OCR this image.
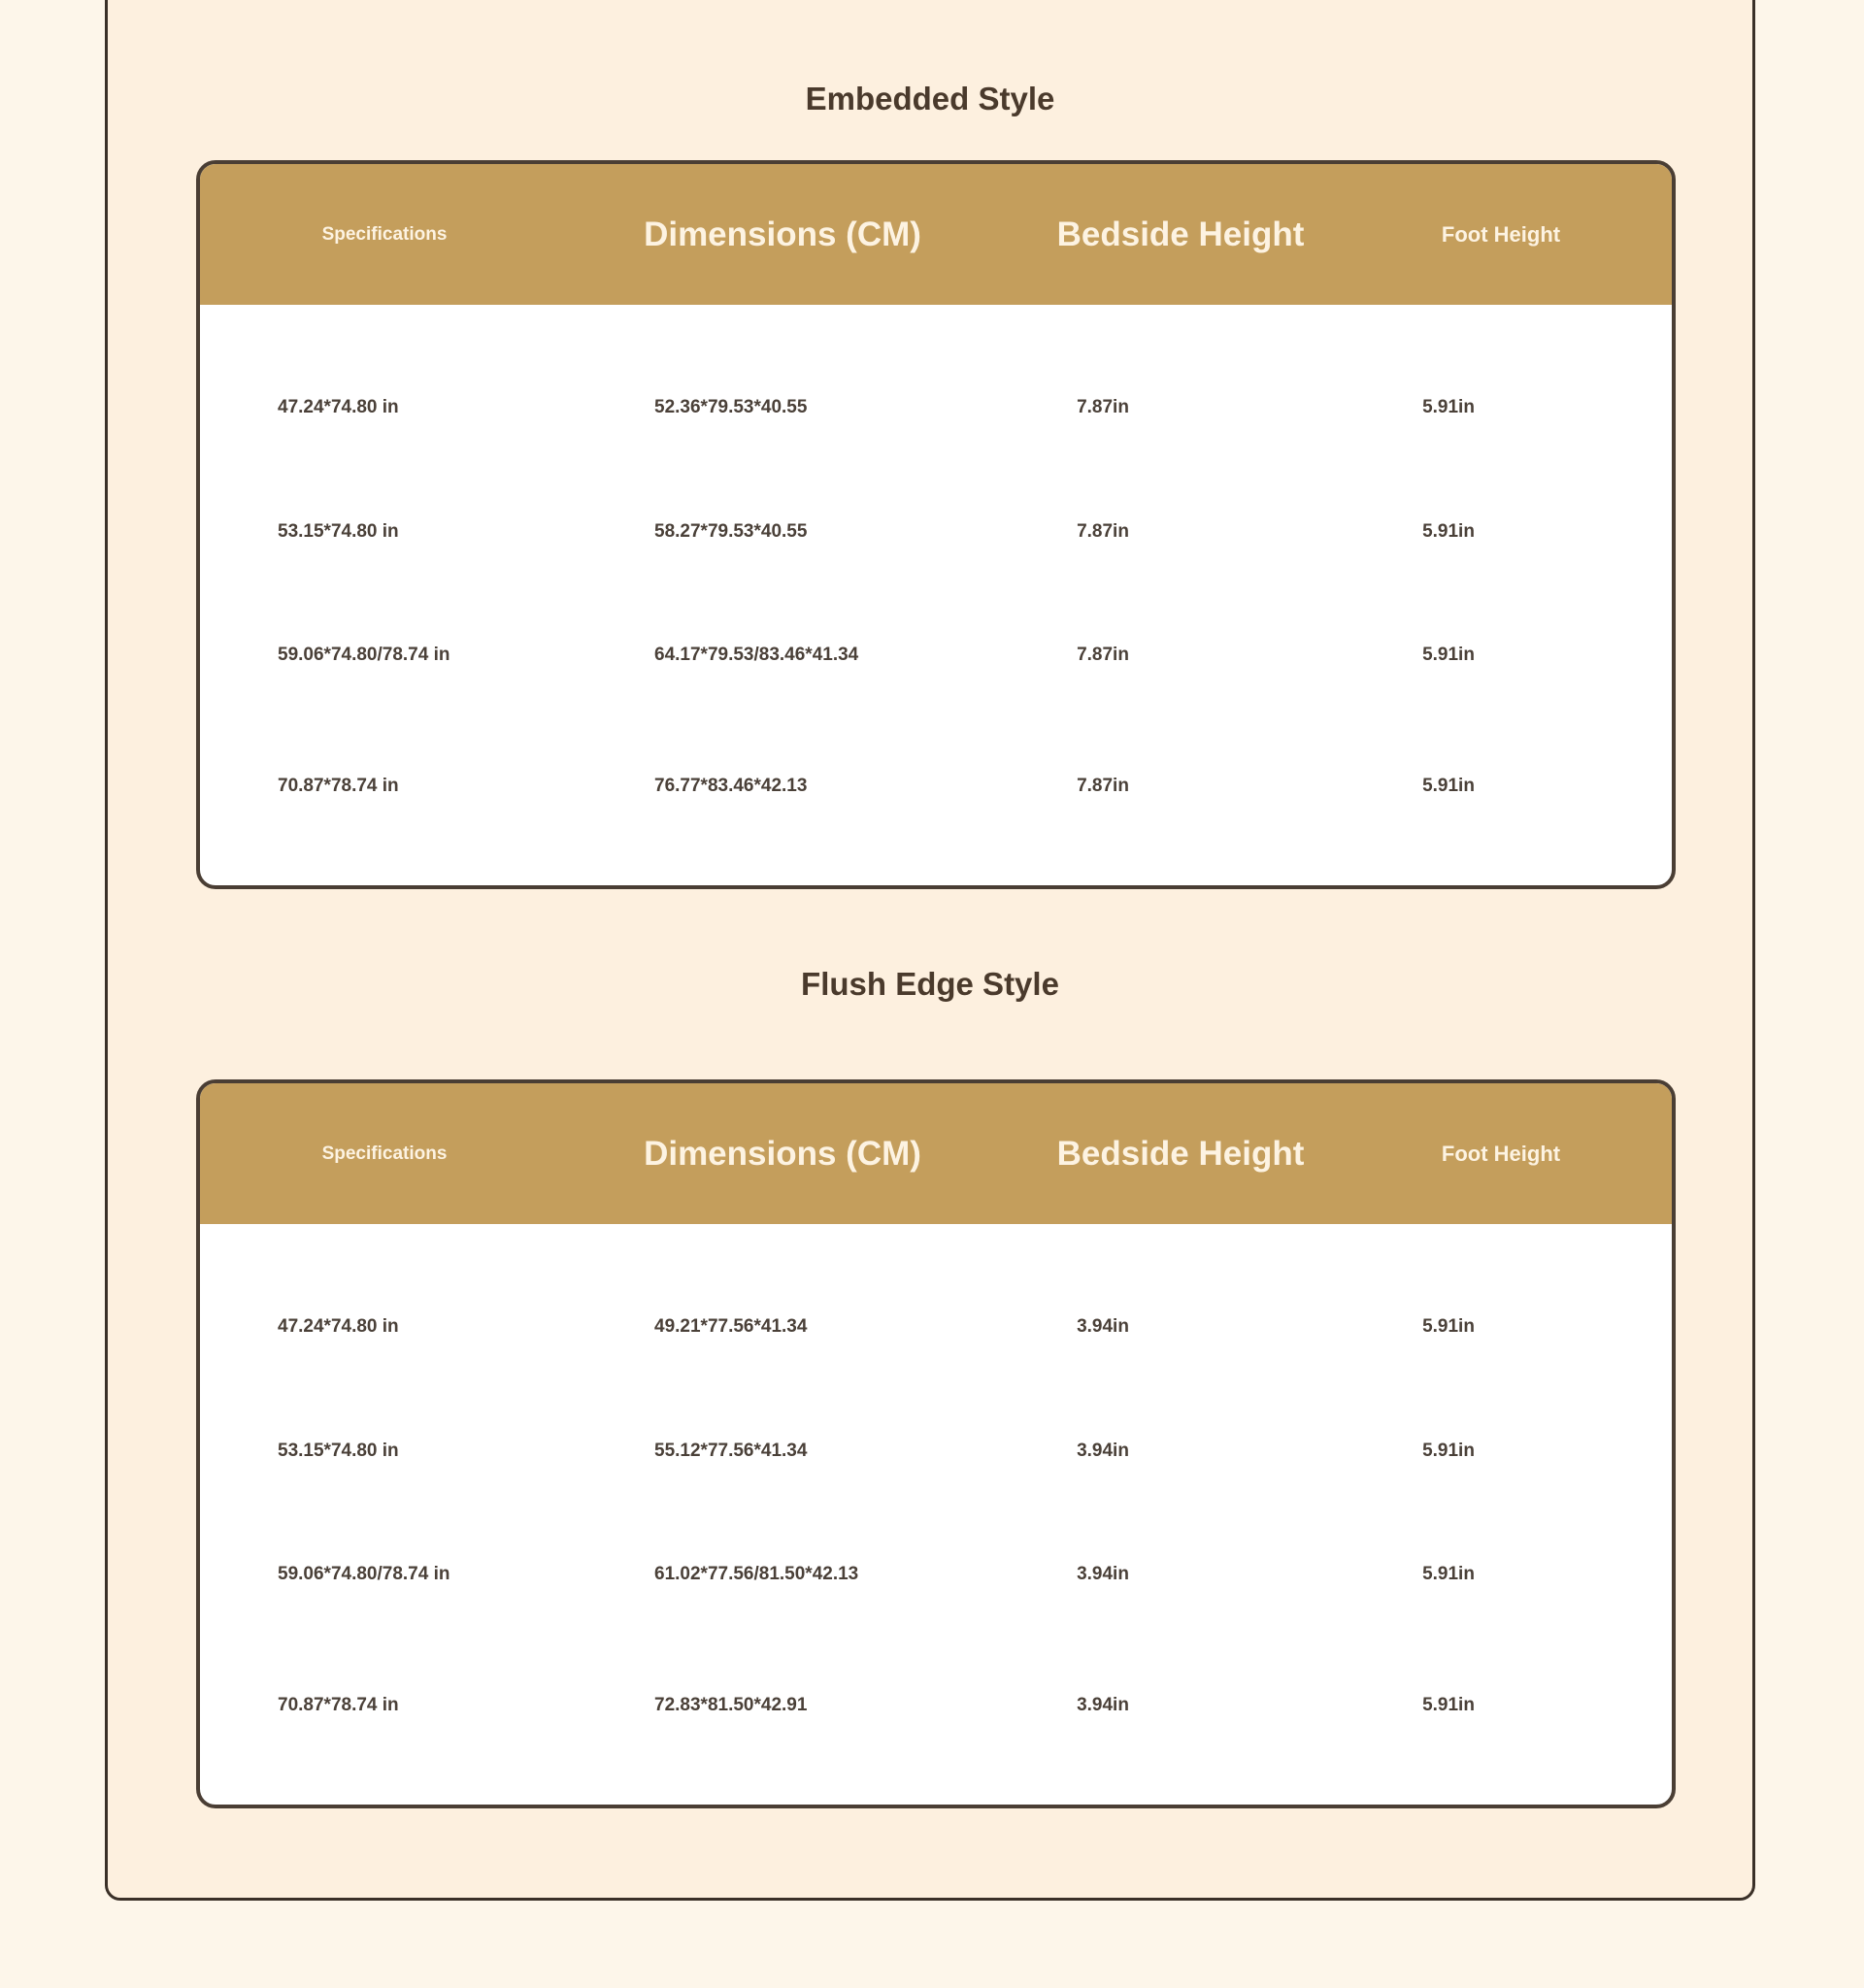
Embedded Style
Specifications	Dimensions (CM)	Bedside Height	Foot Height
47.24*74.80 in	52.36*79.53*40.55	7.87in	5.91in
53.15*74.80 in	58.27*79.53*40.55	7.87in	5.91in
59.06*74.80/78.74 in	64.17*79.53/83.46*41.34	7.87in	5.91in
70.87*78.74 in	76.77*83.46*42.13	7.87in	5.91in
Flush Edge Style
Specifications	Dimensions (CM)	Bedside Height	Foot Height
47.24*74.80 in	49.21*77.56*41.34	3.94in	5.91in
53.15*74.80 in	55.12*77.56*41.34	3.94in	5.91in
59.06*74.80/78.74 in	61.02*77.56/81.50*42.13	3.94in	5.91in
70.87*78.74 in	72.83*81.50*42.91	3.94in	5.91in
